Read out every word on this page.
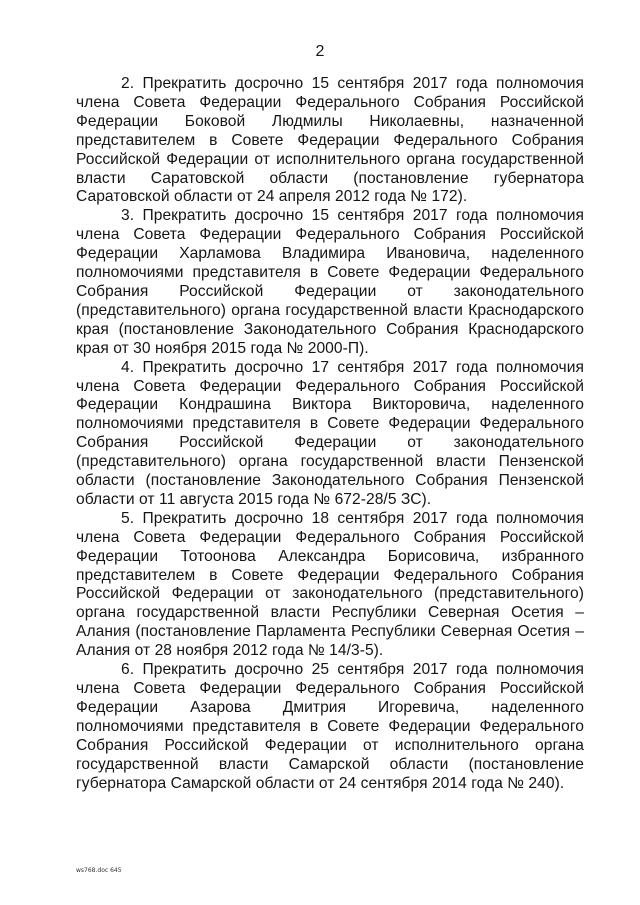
2

2. Прекратить досрочно 15 сентября 2017 года полномочия члена Совета Федерации Федерального Собрания Российской Федерации Боковой Людмилы Николаевны, назначенной представителем в Совете Федерации Федерального Собрания Российской Федерации от исполнительного органа государственной власти Саратовской области (постановление губернатора Саратовской области от 24 апреля 2012 года № 172).

3. Прекратить досрочно 15 сентября 2017 года полномочия члена Совета Федерации Федерального Собрания Российской Федерации Харламова Владимира Ивановича, наделенного полномочиями представителя в Совете Федерации Федерального Собрания Российской Федерации от законодательного (представительного) органа государственной власти Краснодарского края (постановление Законодательного Собрания Краснодарского края от 30 ноября 2015 года № 2000-П).

4. Прекратить досрочно 17 сентября 2017 года полномочия члена Совета Федерации Федерального Собрания Российской Федерации Кондрашина Виктора Викторовича, наделенного полномочиями представителя в Совете Федерации Федерального Собрания Российской Федерации от законодательного (представительного) органа государственной власти Пензенской области (постановление Законодательного Собрания Пензенской области от 11 августа 2015 года № 672-28/5 ЗС).

5. Прекратить досрочно 18 сентября 2017 года полномочия члена Совета Федерации Федерального Собрания Российской Федерации Тотоонова Александра Борисовича, избранного представителем в Совете Федерации Федерального Собрания Российской Федерации от законодательного (представительного) органа государственной власти Республики Северная Осетия – Алания (постановление Парламента Республики Северная Осетия – Алания от 28 ноября 2012 года № 14/3-5).

6. Прекратить досрочно 25 сентября 2017 года полномочия члена Совета Федерации Федерального Собрания Российской Федерации Азарова Дмитрия Игоревича, наделенного полномочиями представителя в Совете Федерации Федерального Собрания Российской Федерации от исполнительного органа государственной власти Самарской области (постановление губернатора Самарской области от 24 сентября 2014 года № 240).

ws768.doc 645
